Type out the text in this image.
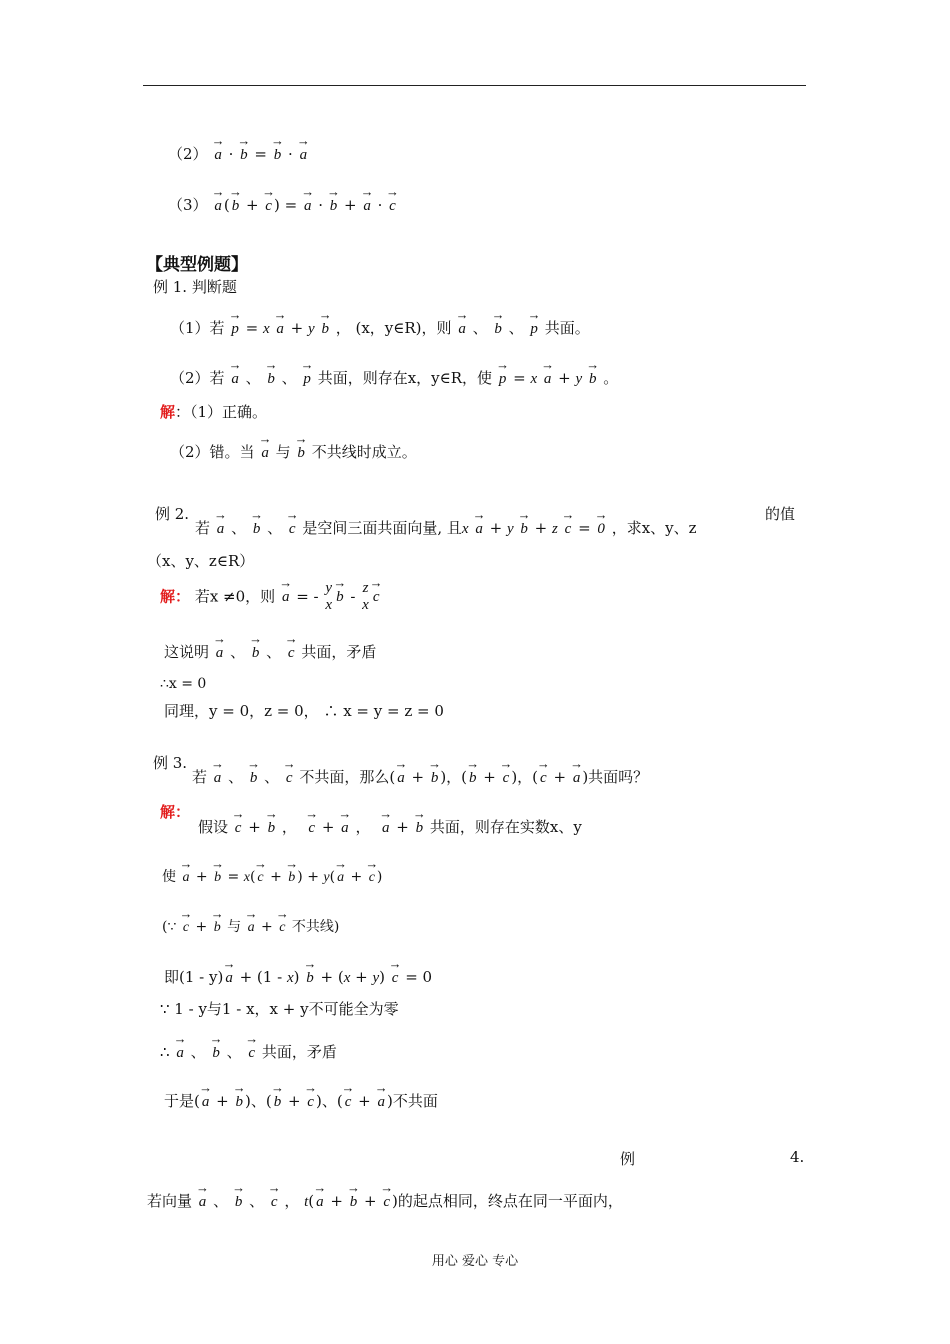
（2） → a · → b = → b · → a
（3） → a ( → b + → c ) = → a · → b + → a · → c
【典型例题】
例 1. 判断题
（1）若 → p = x → a + y → b ， (x，y∈R)，则 → a 、 → b 、 → p 共面。
（2）若 → a 、 → b 、 → p 共面，则存在x，y∈R，使 → p = x → a + y → b 。
解：（1）正确。
（2）错。当 → a 与 → b 不共线时成立。
例 2.
若 → a 、 → b 、 → c 是空间三面共面向量, 且x → a + y → b + z → c = → 0 ，求x、y、z
的值
（x、y、z∈R）
解： 若x ≠0，则 → a = - y
x → b - z
x → c
这说明 → a 、 → b 、 → c 共面，矛盾
∴x = 0
同理，y = 0，z = 0， ∴ x = y = z = 0
例 3.
若 → a 、 → b 、 → c 不共面，那么( → a + → b )，( → b + → c )，( → c + → a )共面吗？
解：
假设 → c + → b ，  → c + → a ，  → a + → b 共面，则存在实数x、y
使 → a + → b = x( → c + → b ) + y( → a + → c )
(∵ → c + → b 与 → a + → c 不共线)
即(1 - y) → a + (1 - x) → b + (x + y) → c = 0
∵ 1 - y与1 - x，x + y不可能全为零
∴ → a 、 → b 、 → c 共面，矛盾
于是( → a + → b )、( → b + → c )、( → c + → a )不共面
例	4.
若向量 → a 、 → b 、 → c ， t( → a + → b + → c )的起点相同，终点在同一平面内，
用心 爱心 专心
